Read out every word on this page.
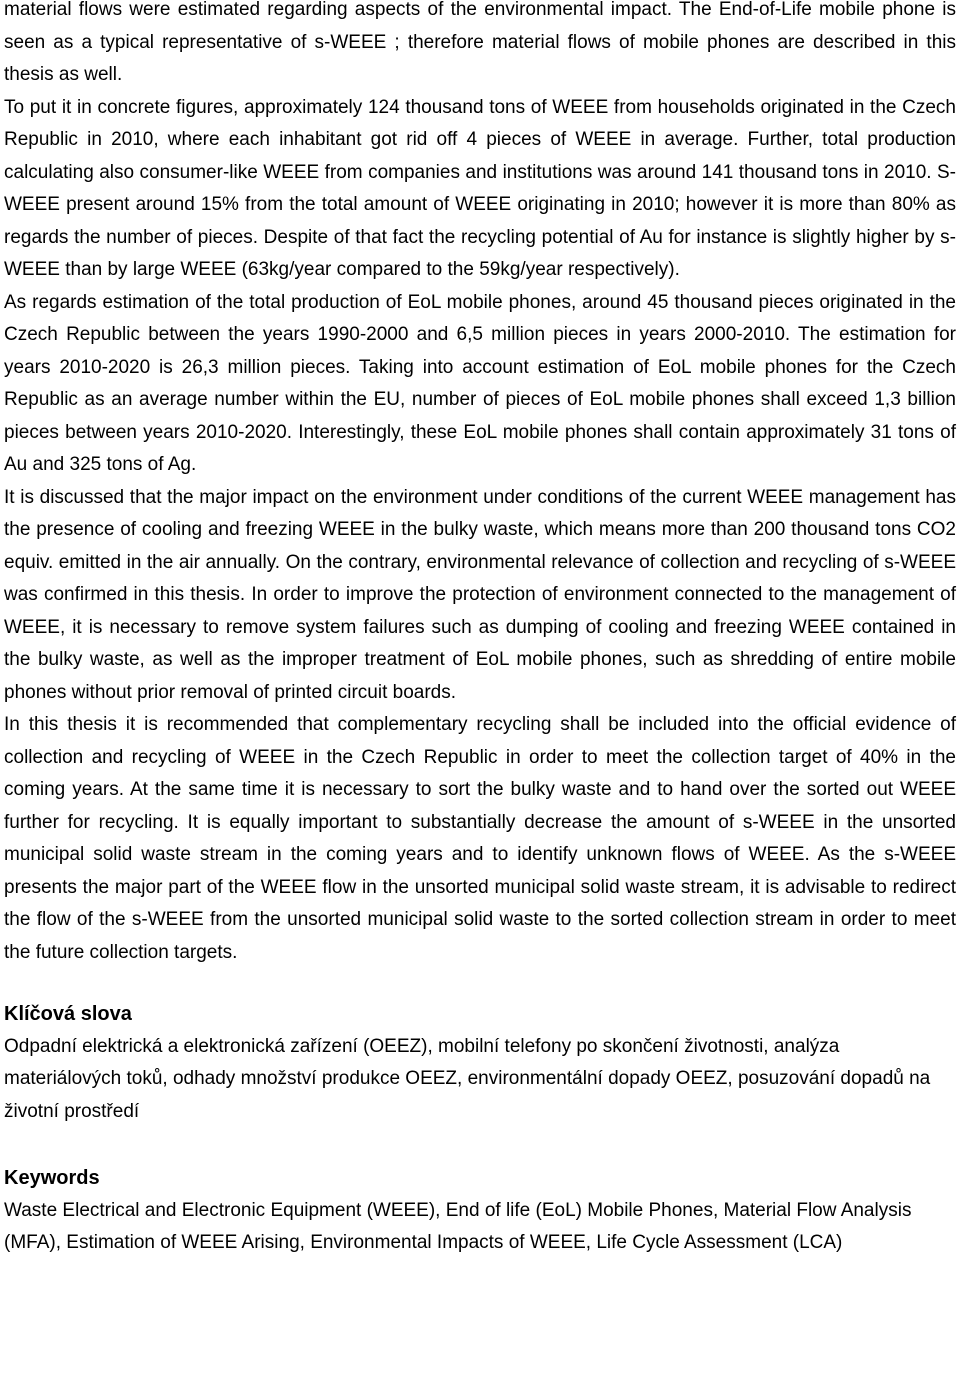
material flows were estimated regarding aspects of the environmental impact. The End-of-Life mobile phone is seen as a typical representative of s-WEEE ; therefore material flows of mobile phones are described in this thesis as well.

To put it in concrete figures, approximately 124 thousand tons of WEEE from households originated in the Czech Republic in 2010, where each inhabitant got rid off 4 pieces of WEEE in average. Further, total production calculating also consumer-like WEEE from companies and institutions was around 141 thousand tons in 2010. S-WEEE present around 15% from the total amount of WEEE originating in 2010; however it is more than 80% as regards the number of pieces. Despite of that fact the recycling potential of Au for instance is slightly higher by s-WEEE than by large WEEE (63kg/year compared to the 59kg/year respectively).

As regards estimation of the total production of EoL mobile phones, around 45 thousand pieces originated in the Czech Republic between the years 1990-2000 and 6,5 million pieces in years 2000-2010. The estimation for years 2010-2020 is 26,3 million pieces. Taking into account estimation of EoL mobile phones for the Czech Republic as an average number within the EU, number of pieces of EoL mobile phones shall exceed 1,3 billion pieces between years 2010-2020. Interestingly, these EoL mobile phones shall contain approximately 31 tons of Au and 325 tons of Ag.

It is discussed that the major impact on the environment under conditions of the current WEEE management has the presence of cooling and freezing WEEE in the bulky waste, which means more than 200 thousand tons CO2 equiv. emitted in the air annually. On the contrary, environmental relevance of collection and recycling of s-WEEE was confirmed in this thesis. In order to improve the protection of environment connected to the management of WEEE, it is necessary to remove system failures such as dumping of cooling and freezing WEEE contained in the bulky waste, as well as the improper treatment of EoL mobile phones, such as shredding of entire mobile phones without prior removal of printed circuit boards.

In this thesis it is recommended that complementary recycling shall be included into the official evidence of collection and recycling of WEEE in the Czech Republic in order to meet the collection target of 40% in the coming years. At the same time it is necessary to sort the bulky waste and to hand over the sorted out WEEE further for recycling. It is equally important to substantially decrease the amount of s-WEEE in the unsorted municipal solid waste stream in the coming years and to identify unknown flows of WEEE. As the s-WEEE presents the major part of the WEEE flow in the unsorted municipal solid waste stream, it is advisable to redirect the flow of the s-WEEE from the unsorted municipal solid waste to the sorted collection stream in order to meet the future collection targets.

Klíčová slova

Odpadní elektrická a elektronická zařízení (OEEZ), mobilní telefony po skončení životnosti, analýza materiálových toků, odhady množství produkce OEEZ, environmentální dopady OEEZ, posuzování dopadů na životní prostředí

Keywords

Waste Electrical and Electronic Equipment (WEEE), End of life (EoL) Mobile Phones, Material Flow Analysis (MFA), Estimation of WEEE Arising, Environmental Impacts of WEEE, Life Cycle Assessment (LCA)
